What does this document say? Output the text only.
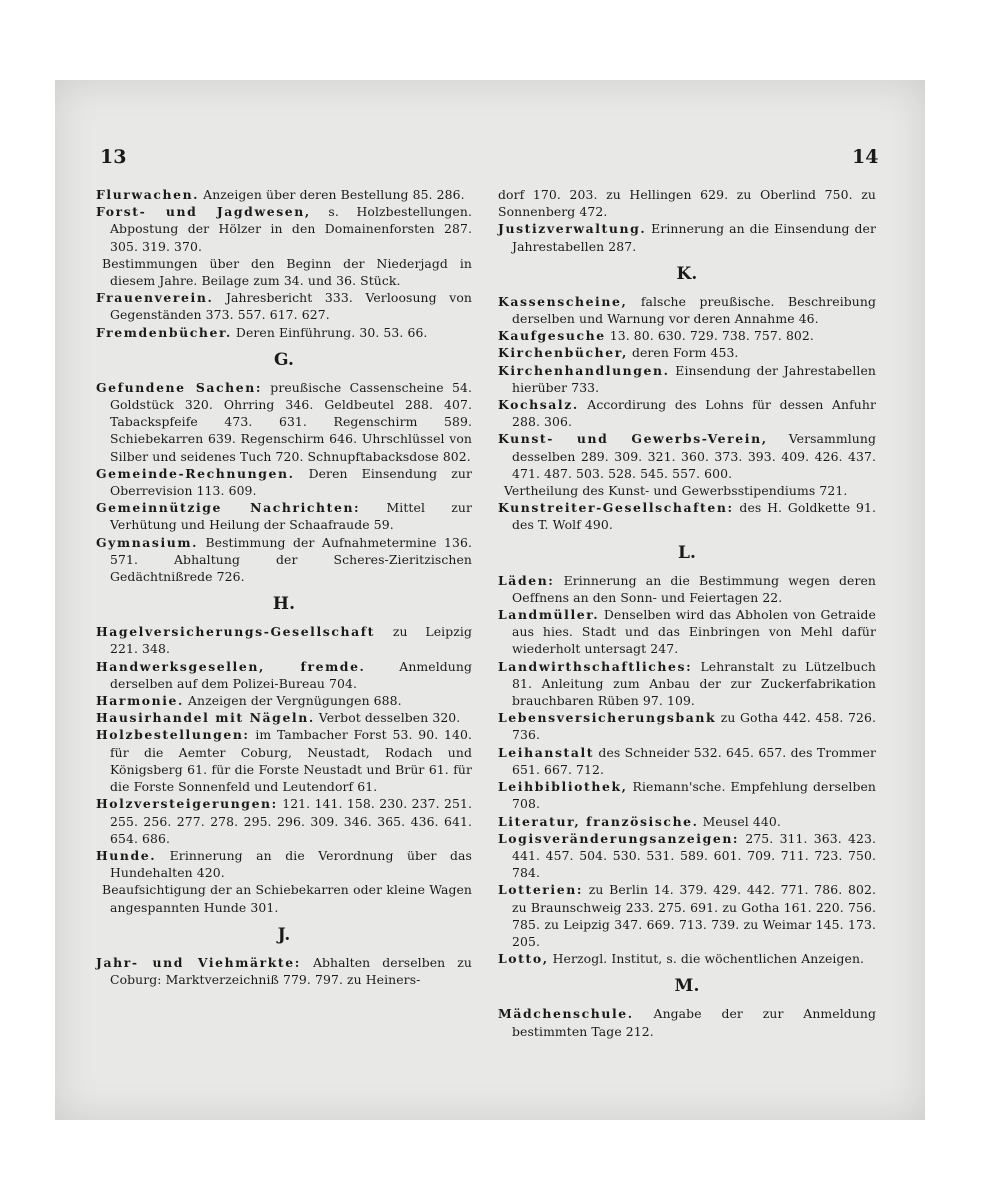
13	14

Flurwachen. Anzeigen über deren Bestellung 85. 286.

Forst- und Jagdwesen, s. Holzbestellungen. Abpostung der Hölzer in den Domainenforsten 287. 305. 319. 370.

Bestimmungen über den Beginn der Niederjagd in diesem Jahre. Beilage zum 34. und 36. Stück.

Frauenverein. Jahresbericht 333. Verloosung von Gegenständen 373. 557. 617. 627.

Fremdenbücher. Deren Einführung. 30. 53. 66.

G.

Gefundene Sachen: preußische Cassenscheine 54. Goldstück 320. Ohrring 346. Geldbeutel 288. 407. Tabackspfeife 473. 631. Regenschirm 589. Schiebekarren 639. Regenschirm 646. Uhrschlüssel von Silber und seidenes Tuch 720. Schnupftabacksdose 802.

Gemeinde-Rechnungen. Deren Einsendung zur Oberrevision 113. 609.

Gemeinnützige Nachrichten: Mittel zur Verhütung und Heilung der Schaafraude 59.

Gymnasium. Bestimmung der Aufnahmetermine 136. 571. Abhaltung der Scheres-Zieritzischen Gedächtnißrede 726.

H.

Hagelversicherungs-Gesellschaft zu Leipzig 221. 348.

Handwerksgesellen, fremde. Anmeldung derselben auf dem Polizei-Bureau 704.

Harmonie. Anzeigen der Vergnügungen 688.

Hausirhandel mit Nägeln. Verbot desselben 320.

Holzbestellungen: im Tambacher Forst 53. 90. 140. für die Aemter Coburg, Neustadt, Rodach und Königsberg 61. für die Forste Neustadt und Brür 61. für die Forste Sonnenfeld und Leutendorf 61.

Holzversteigerungen: 121. 141. 158. 230. 237. 251. 255. 256. 277. 278. 295. 296. 309. 346. 365. 436. 641. 654. 686.

Hunde. Erinnerung an die Verordnung über das Hundehalten 420.

Beaufsichtigung der an Schiebekarren oder kleine Wagen angespannten Hunde 301.

J.

Jahr- und Viehmärkte: Abhalten derselben zu Coburg: Marktverzeichniß 779. 797. zu Heiners-

dorf 170. 203. zu Hellingen 629. zu Oberlind 750. zu Sonnenberg 472.

Justizverwaltung. Erinnerung an die Einsendung der Jahrestabellen 287.

K.

Kassenscheine, falsche preußische. Beschreibung derselben und Warnung vor deren Annahme 46.

Kaufgesuche 13. 80. 630. 729. 738. 757. 802.

Kirchenbücher, deren Form 453.

Kirchenhandlungen. Einsendung der Jahrestabellen hierüber 733.

Kochsalz. Accordirung des Lohns für dessen Anfuhr 288. 306.

Kunst- und Gewerbs-Verein, Versammlung desselben 289. 309. 321. 360. 373. 393. 409. 426. 437. 471. 487. 503. 528. 545. 557. 600.

Vertheilung des Kunst- und Gewerbsstipendiums 721.

Kunstreiter-Gesellschaften: des H. Goldkette 91. des T. Wolf 490.

L.

Läden: Erinnerung an die Bestimmung wegen deren Oeffnens an den Sonn- und Feiertagen 22.

Landmüller. Denselben wird das Abholen von Getraide aus hies. Stadt und das Einbringen von Mehl dafür wiederholt untersagt 247.

Landwirthschaftliches: Lehranstalt zu Lützelbuch 81. Anleitung zum Anbau der zur Zuckerfabrikation brauchbaren Rüben 97. 109.

Lebensversicherungsbank zu Gotha 442. 458. 726. 736.

Leihanstalt des Schneider 532. 645. 657. des Trommer 651. 667. 712.

Leihbibliothek, Riemann'sche. Empfehlung derselben 708.

Literatur, französische. Meusel 440.

Logisveränderungsanzeigen: 275. 311. 363. 423. 441. 457. 504. 530. 531. 589. 601. 709. 711. 723. 750. 784.

Lotterien: zu Berlin 14. 379. 429. 442. 771. 786. 802. zu Braunschweig 233. 275. 691. zu Gotha 161. 220. 756. 785. zu Leipzig 347. 669. 713. 739. zu Weimar 145. 173. 205.

Lotto, Herzogl. Institut, s. die wöchentlichen Anzeigen.

M.

Mädchenschule. Angabe der zur Anmeldung bestimmten Tage 212.
